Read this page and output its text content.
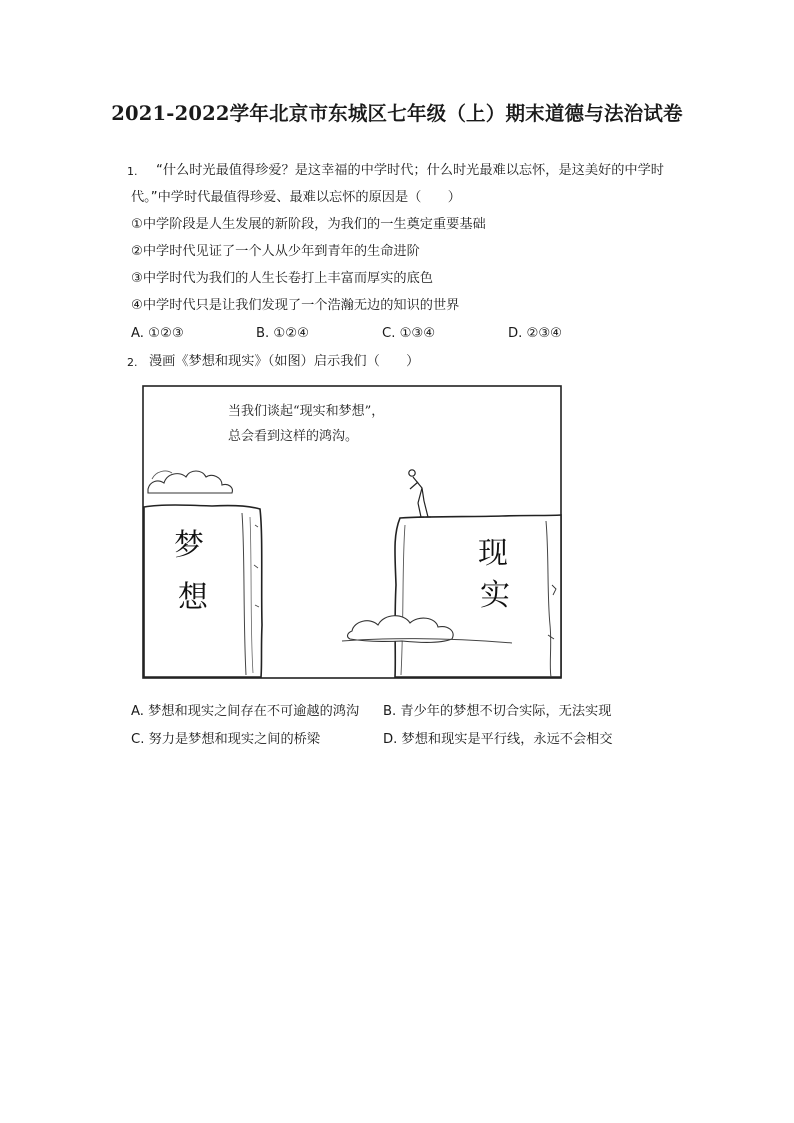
2021-2022学年北京市东城区七年级（上）期末道德与法治试卷
1. “什么时光最值得珍爱？是这幸福的中学时代；什么时光最难以忘怀，是这美好的中学时
代。”中学时代最值得珍爱、最难以忘怀的原因是（　　）
①中学阶段是人生发展的新阶段，为我们的一生奠定重要基础
②中学时代见证了一个人从少年到青年的生命进阶
③中学时代为我们的人生长卷打上丰富而厚实的底色
④中学时代只是让我们发现了一个浩瀚无边的知识的世界
A. ①②③	B. ①②④	C. ①③④	D. ②③④
2. 漫画《梦想和现实》（如图）启示我们（　　）
当我们谈起“现实和梦想”，
总会看到这样的鸿沟。
梦
想
现
实
A. 梦想和现实之间存在不可逾越的鸿沟 B. 青少年的梦想不切合实际，无法实现
C. 努力是梦想和现实之间的桥梁	D. 梦想和现实是平行线，永远不会相交
